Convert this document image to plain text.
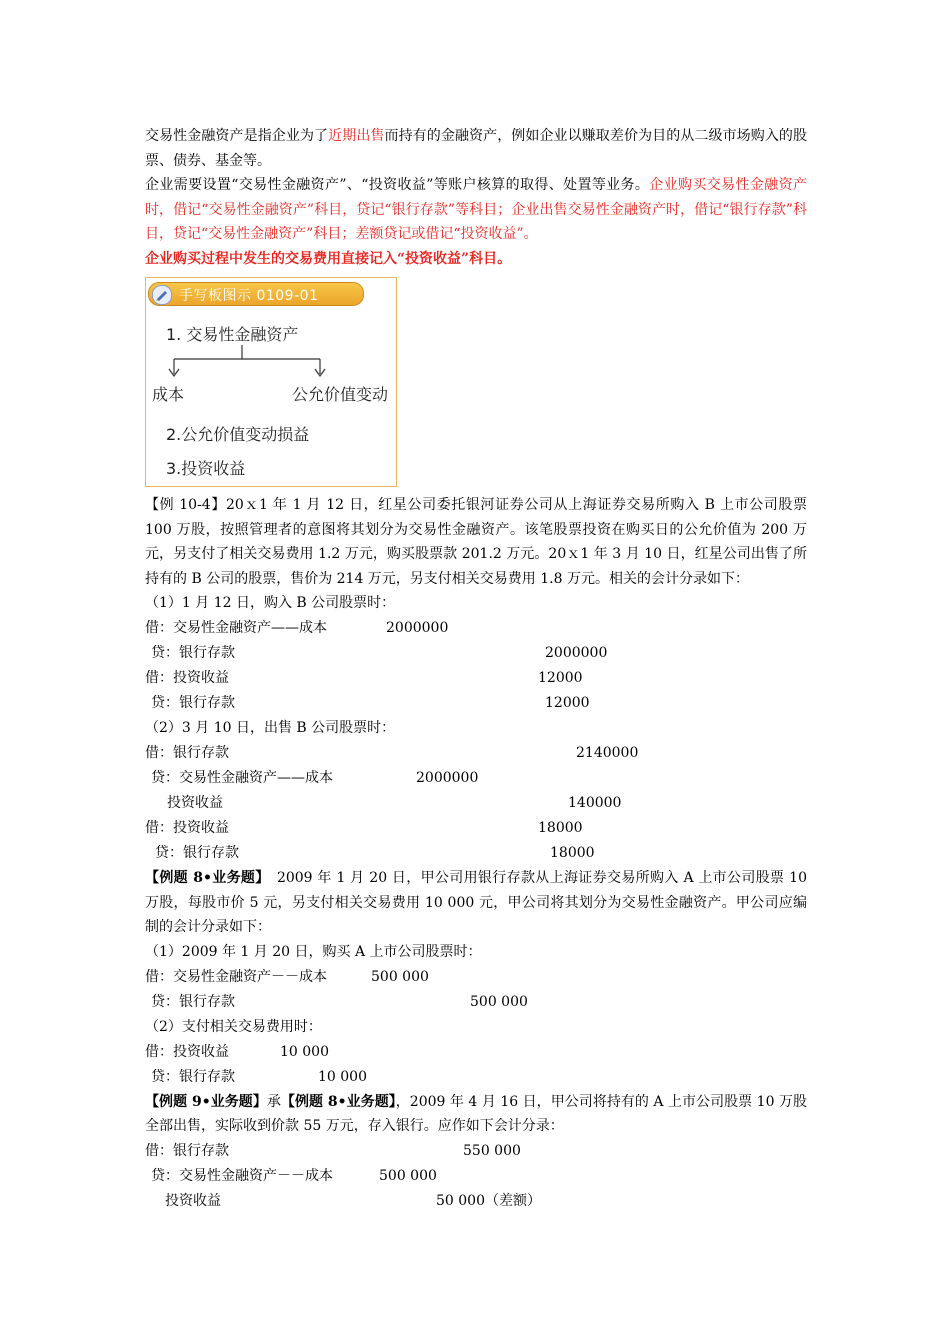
交易性金融资产是指企业为了近期出售而持有的金融资产，例如企业以赚取差价为目的从二级市场购入的股票、债券、基金等。

企业需要设置“交易性金融资产”、“投资收益”等账户核算的取得、处置等业务。企业购买交易性金融资产时，借记“交易性金融资产”科目，贷记“银行存款”等科目；企业出售交易性金融资产时，借记“银行存款”科目，贷记“交易性金融资产”科目；差额贷记或借记“投资收益”。

企业购买过程中发生的交易费用直接记入“投资收益”科目。

手写板图示 0109-01
1. 交易性金融资产
成本	公允价值变动
2.公允价值变动损益
3.投资收益

【例 10-4】20ｘ1 年 1 月 12 日，红星公司委托银河证券公司从上海证券交易所购入 B 上市公司股票 100 万股，按照管理者的意图将其划分为交易性金融资产。该笔股票投资在购买日的公允价值为 200 万元，另支付了相关交易费用 1.2 万元，购买股票款 201.2 万元。20ｘ1 年 3 月 10 日，红星公司出售了所持有的 B 公司的股票，售价为 214 万元，另支付相关交易费用 1.8 万元。相关的会计分录如下：

（1）1 月 12 日，购入 B 公司股票时：
借：交易性金融资产——成本	2000000
贷：银行存款	2000000
借：投资收益	12000
贷：银行存款	12000
（2）3 月 10 日，出售 B 公司股票时：
借：银行存款	2140000
贷：交易性金融资产——成本	2000000
投资收益	140000
借：投资收益	18000
贷：银行存款	18000

【例题 8•业务题】　2009 年 1 月 20 日，甲公司用银行存款从上海证券交易所购入 A 上市公司股票 10 万股，每股市价 5 元，另支付相关交易费用 10 000 元，甲公司将其划分为交易性金融资产。甲公司应编制的会计分录如下：

（1）2009 年 1 月 20 日，购买 A 上市公司股票时：
借：交易性金融资产－－成本	500 000
贷：银行存款	500 000
（2）支付相关交易费用时：
借：投资收益	10 000
贷：银行存款	10 000

【例题 9•业务题】承【例题 8•业务题】，2009 年 4 月 16 日，甲公司将持有的 A 上市公司股票 10 万股全部出售，实际收到价款 55 万元，存入银行。应作如下会计分录：

借：银行存款	550 000
贷：交易性金融资产－－成本	500 000
投资收益	50 000（差额）
